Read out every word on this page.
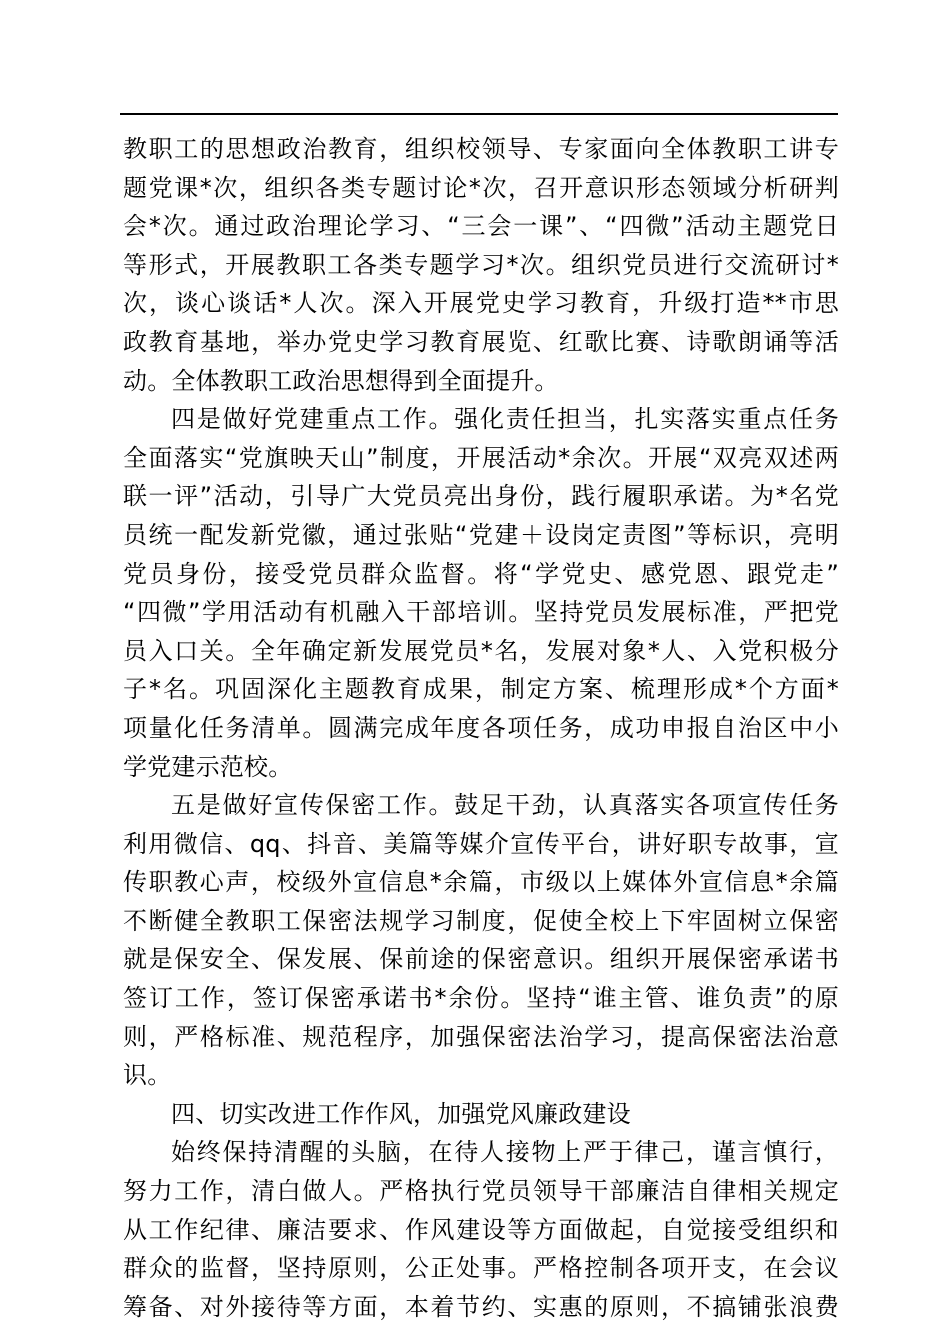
教职工的思想政治教育，组织校领导、专家面向全体教职工讲专
题党课*次，组织各类专题讨论*次，召开意识形态领域分析研判
会*次。通过政治理论学习、“三会一课”、“四微”活动主题党日
等形式，开展教职工各类专题学习*次。组织党员进行交流研讨*
次，谈心谈话*人次。深入开展党史学习教育，升级打造**市思
政教育基地，举办党史学习教育展览、红歌比赛、诗歌朗诵等活
动。全体教职工政治思想得到全面提升。
四是做好党建重点工作。强化责任担当，扎实落实重点任务
全面落实“党旗映天山”制度，开展活动*余次。开展“双亮双述两
联一评”活动，引导广大党员亮出身份，践行履职承诺。为*名党
员统一配发新党徽，通过张贴“党建＋设岗定责图”等标识，亮明
党员身份，接受党员群众监督。将“学党史、感党恩、跟党走”
“四微”学用活动有机融入干部培训。坚持党员发展标准，严把党
员入口关。全年确定新发展党员*名，发展对象*人、入党积极分
子*名。巩固深化主题教育成果，制定方案、梳理形成*个方面*
项量化任务清单。圆满完成年度各项任务，成功申报自治区中小
学党建示范校。
五是做好宣传保密工作。鼓足干劲，认真落实各项宣传任务
利用微信、qq、抖音、美篇等媒介宣传平台，讲好职专故事，宣
传职教心声，校级外宣信息*余篇，市级以上媒体外宣信息*余篇
不断健全教职工保密法规学习制度，促使全校上下牢固树立保密
就是保安全、保发展、保前途的保密意识。组织开展保密承诺书
签订工作，签订保密承诺书*余份。坚持“谁主管、谁负责”的原
则，严格标准、规范程序，加强保密法治学习，提高保密法治意
识。
四、切实改进工作作风，加强党风廉政建设
始终保持清醒的头脑，在待人接物上严于律己，谨言慎行，
努力工作，清白做人。严格执行党员领导干部廉洁自律相关规定
从工作纪律、廉洁要求、作风建设等方面做起，自觉接受组织和
群众的监督，坚持原则，公正处事。严格控制各项开支，在会议
筹备、对外接待等方面，本着节约、实惠的原则，不搞铺张浪费
